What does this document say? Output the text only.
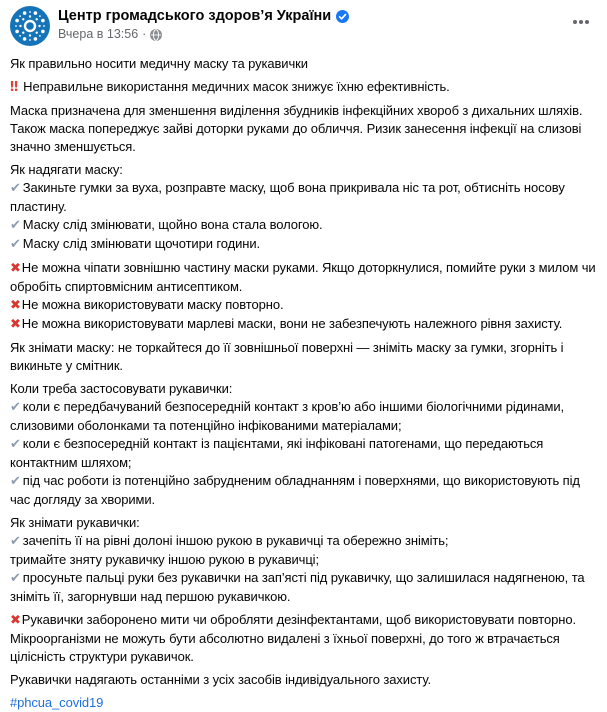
Центр громадського здоров’я України
Вчера в 13:56 ·
Як правильно носити медичну маску та рукавички
‼ Неправильне використання медичних масок знижує їхню ефективність.
Маска призначена для зменшення виділення збудників інфекційних хвороб з дихальних шляхів. Також маска попереджує зайві доторки руками до обличчя. Ризик занесення інфекції на слизові значно зменшується.
Як надягати маску:
✔ Закиньте гумки за вуха, розправте маску, щоб вона прикривала ніс та рот, обтисніть носову пластину.
✔ Маску слід змінювати, щойно вона стала вологою.
✔ Маску слід змінювати щочотири години.
✖Не можна чіпати зовнішню частину маски руками. Якщо доторкнулися, помийте руки з милом чи обробіть спиртовмісним антисептиком.
✖Не можна використовувати маску повторно.
✖Не можна використовувати марлеві маски, вони не забезпечують належного рівня захисту.
Як знімати маску: не торкайтеся до її зовнішньої поверхні — зніміть маску за гумки, згорніть і викиньте у смітник.
Коли треба застосовувати рукавички:
✔ коли є передбачуваний безпосередній контакт з кров’ю або іншими біологічними рідинами, слизовими оболонками та потенційно інфікованими матеріалами;
✔ коли є безпосередній контакт із пацієнтами, які інфіковані патогенами, що передаються контактним шляхом;
✔ під час роботи із потенційно забрудненим обладнанням і поверхнями, що використовують під час догляду за хворими.
Як знімати рукавички:
✔ зачепіть її на рівні долоні іншою рукою в рукавичці та обережно зніміть;
тримайте зняту рукавичку іншою рукою в рукавичці;
✔ просуньте пальці руки без рукавички на зап’ясті під рукавичку, що залишилася надягненою, та зніміть її, загорнувши над першою рукавичкою.
✖Рукавички заборонено мити чи обробляти дезінфектантами, щоб використовувати повторно. Мікроорганізми не можуть бути абсолютно видалені з їхньої поверхні, до того ж втрачається цілісність структури рукавичок.
Рукавички надягають останніми з усіх засобів індивідуального захисту.
#phcua_covid19
